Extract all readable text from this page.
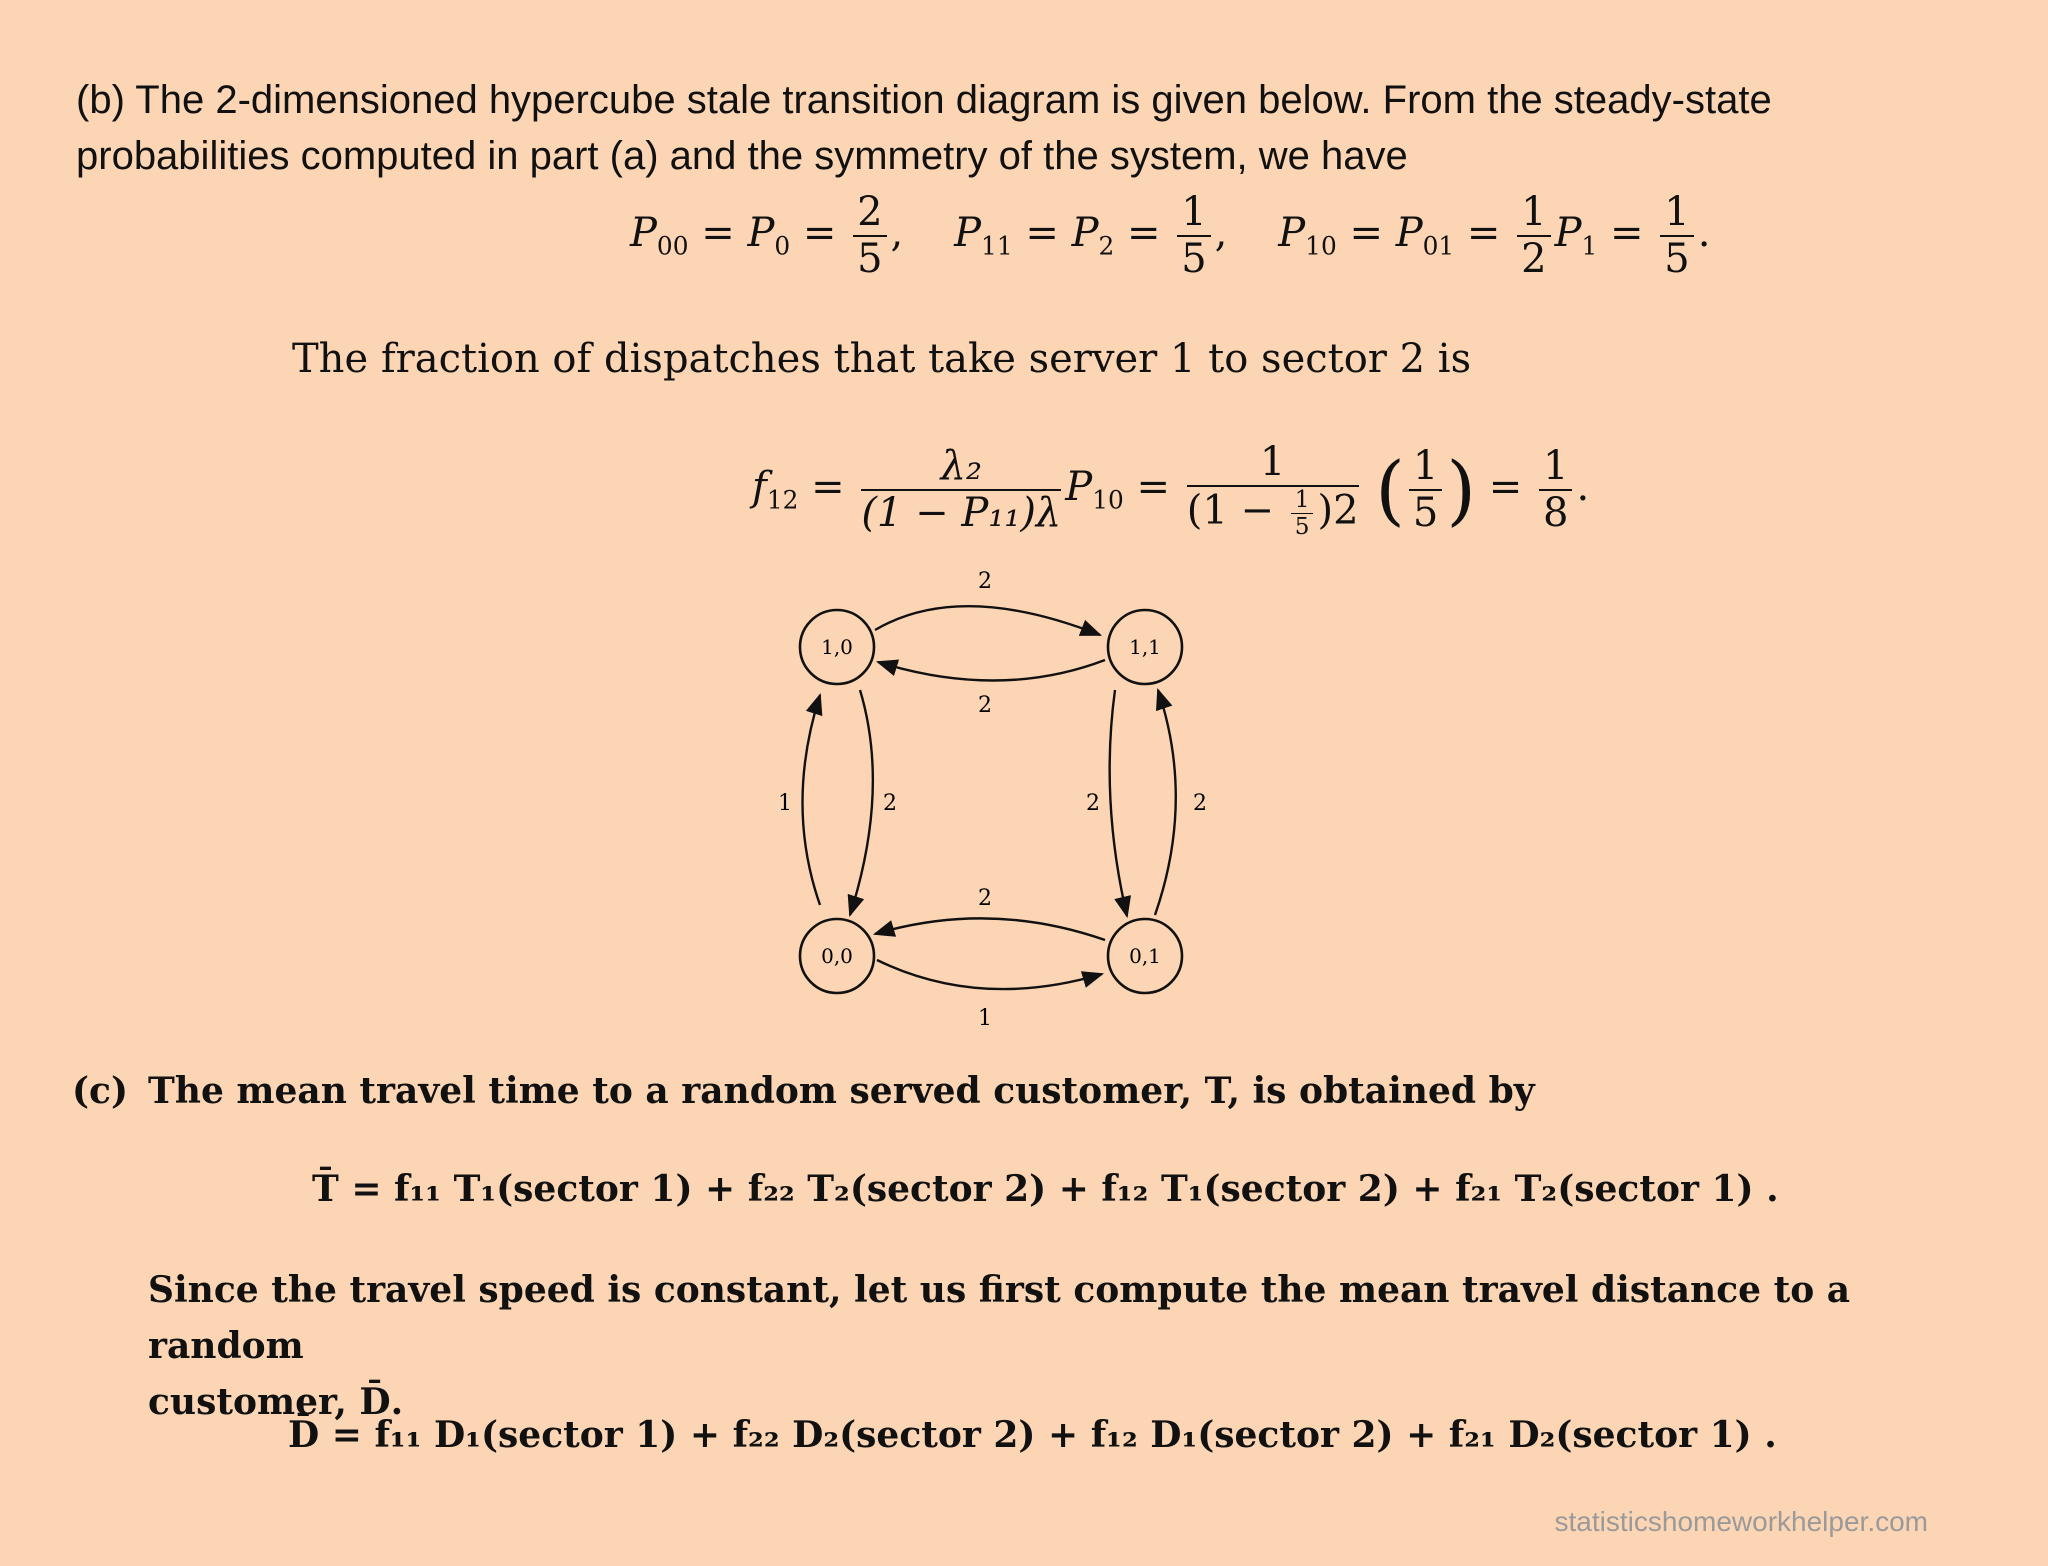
(b) The 2-dimensioned hypercube stale transition diagram is given below. From the steady-state

probabilities computed in part (a) and the symmetry of the system, we have

$P_{00} = P_0 = \frac{2}{5}$ ,    $P_{11} = P_2 = \frac{1}{5}$ ,    $P_{10} = P_{01} = \frac{1}{2} P_1 = \frac{1}{5}$ .
The fraction of dispatches that take server 1 to sector 2 is
$f_{12} = \frac{\text{λ₂}}{\text{(1 − P₁₁)λ}} P_{10} = \frac{1}{(1 - \frac{1}{5} )2}$ ( $\frac{1}{5}$ ) = $\frac{1}{8}$ .
1,0	1,1
0,0	0,1
2
2
1	2	2	2
2
1
(c) The mean travel time to a random served customer, T, is obtained by
T̄ = f₁₁ T₁(sector 1) + f₂₂ T₂(sector 2) + f₁₂ T₁(sector 2) + f₂₁ T₂(sector 1) .

Since the travel speed is constant, let us first compute the mean travel distance to a random

customer, D̄.

D̄ = f₁₁ D₁(sector 1) + f₂₂ D₂(sector 2) + f₁₂ D₁(sector 2) + f₂₁ D₂(sector 1) .
statisticshomeworkhelper.com
